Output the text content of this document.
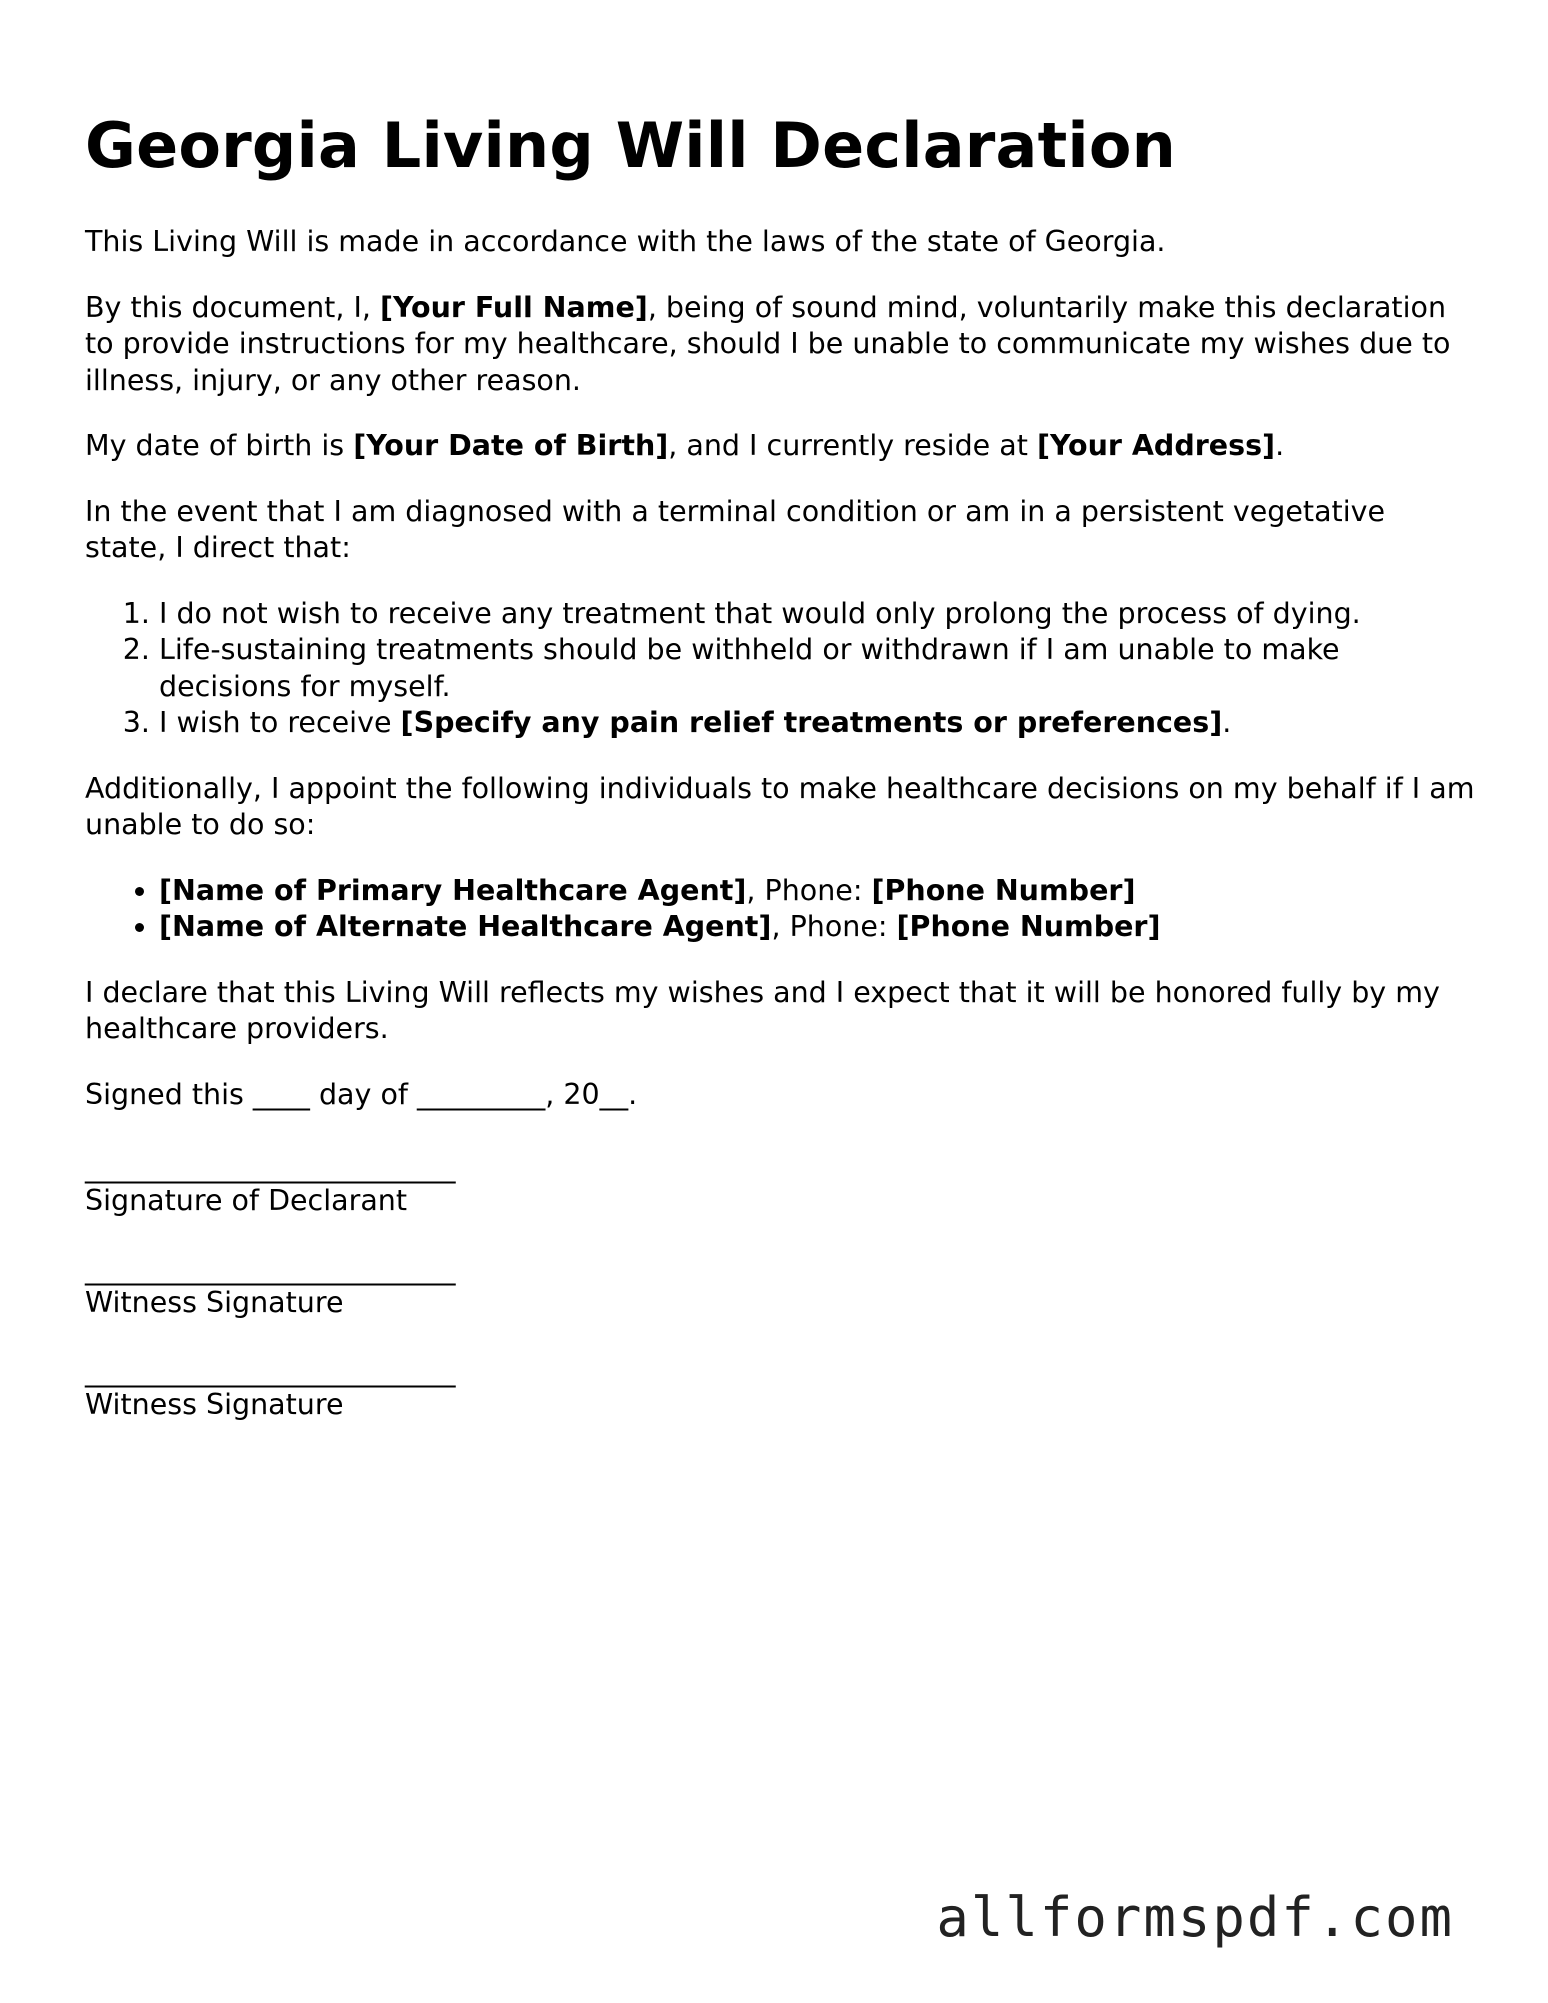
Georgia Living Will Declaration

This Living Will is made in accordance with the laws of the state of Georgia.

By this document, I, [Your Full Name], being of sound mind, voluntarily make this declaration to provide instructions for my healthcare, should I be unable to communicate my wishes due to illness, injury, or any other reason.

My date of birth is [Your Date of Birth], and I currently reside at [Your Address].

In the event that I am diagnosed with a terminal condition or am in a persistent vegetative state, I direct that:

1. I do not wish to receive any treatment that would only prolong the process of dying.
2. Life-sustaining treatments should be withheld or withdrawn if I am unable to make decisions for myself.
3. I wish to receive [Specify any pain relief treatments or preferences].

Additionally, I appoint the following individuals to make healthcare decisions on my behalf if I am unable to do so:

• [Name of Primary Healthcare Agent], Phone: [Phone Number]
• [Name of Alternate Healthcare Agent], Phone: [Phone Number]

I declare that this Living Will reflects my wishes and I expect that it will be honored fully by my healthcare providers.

Signed this ____ day of _________, 20__.

__________________________
Signature of Declarant
__________________________
Witness Signature
__________________________
Witness Signature
allformspdf.com
